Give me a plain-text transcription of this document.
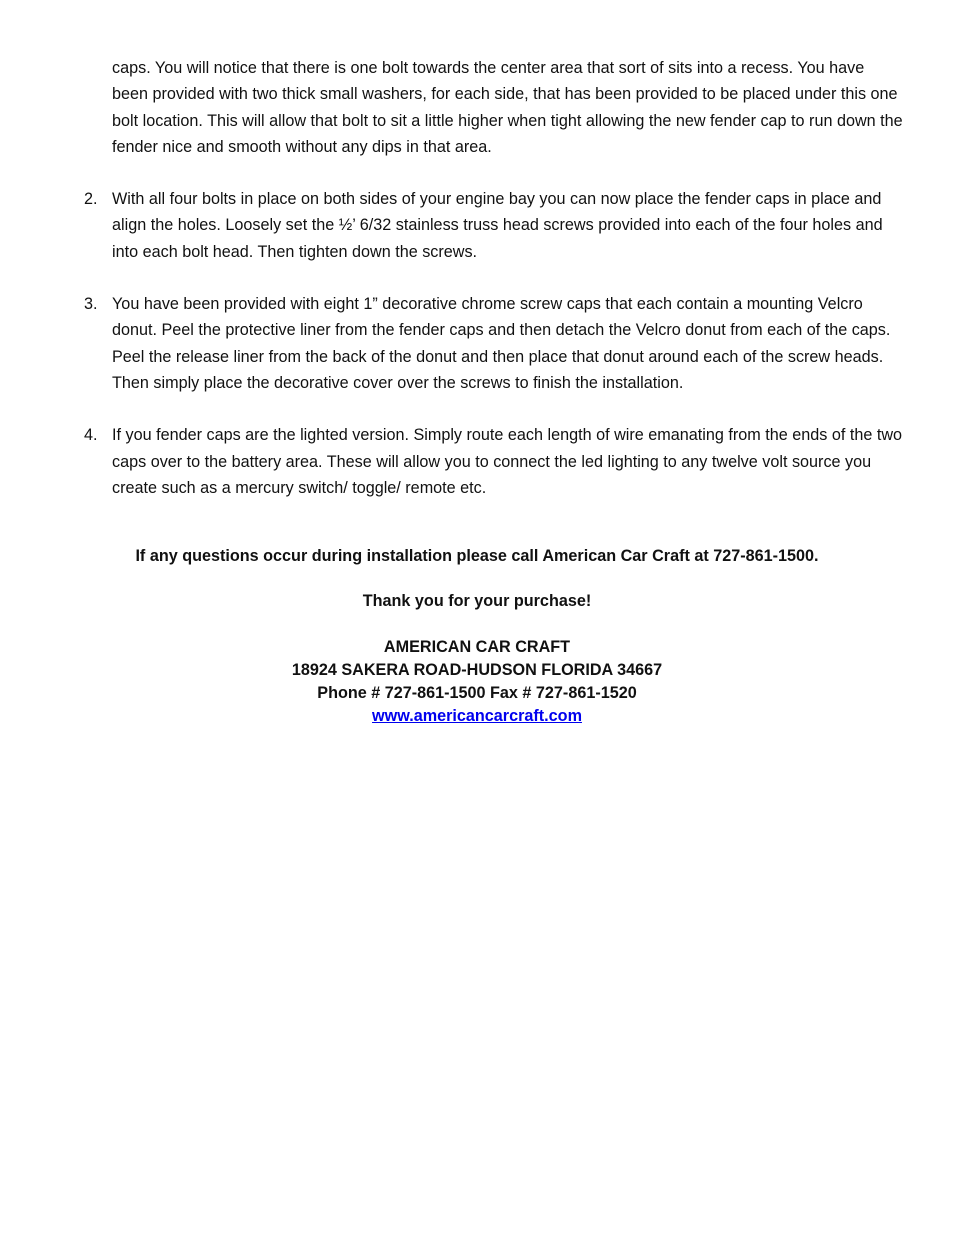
caps. You will notice that there is one bolt towards the center area that sort of sits into a recess. You have been provided with two thick small washers, for each side, that has been provided to be placed under this one bolt location. This will allow that bolt to sit a little higher when tight allowing the new fender cap to run down the fender nice and smooth without any dips in that area.
2. With all four bolts in place on both sides of your engine bay you can now place the fender caps in place and align the holes. Loosely set the ½’ 6/32 stainless truss head screws provided into each of the four holes and into each bolt head. Then tighten down the screws.
3. You have been provided with eight 1” decorative chrome screw caps that each contain a mounting Velcro donut. Peel the protective liner from the fender caps and then detach the Velcro donut from each of the caps. Peel the release liner from the back of the donut and then place that donut around each of the screw heads. Then simply place the decorative cover over the screws to finish the installation.
4. If you fender caps are the lighted version. Simply route each length of wire emanating from the ends of the two caps over to the battery area. These will allow you to connect the led lighting to any twelve volt source you create such as a mercury switch/ toggle/ remote etc.
If any questions occur during installation please call American Car Craft at 727-861-1500.
Thank you for your purchase!
AMERICAN CAR CRAFT
18924 SAKERA ROAD-HUDSON FLORIDA 34667
Phone # 727-861-1500 Fax # 727-861-1520
www.americancarcraft.com
